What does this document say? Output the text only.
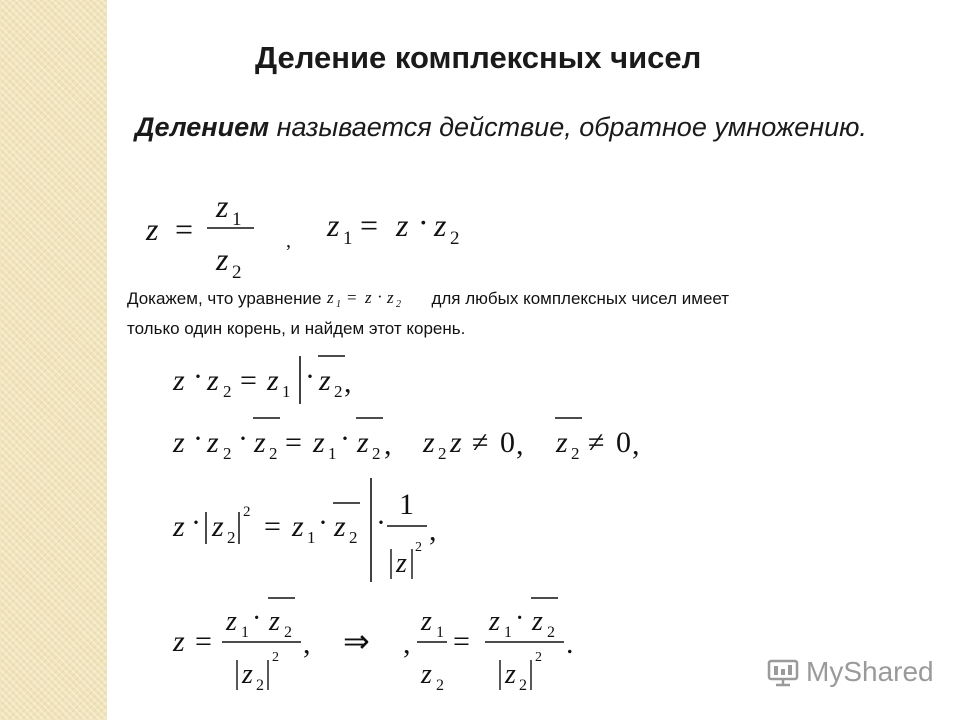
Деление комплексных чисел
Делением называется действие, обратное умножению.
Докажем, что уравнение z 1 = z · z 2 для любых комплексных чисел имеет
только один корень, и найдем этот корень.
z =
z 1
z 2
, z 1 = z · z 2
z · z 2 = z 1 · z 2 ,
z · z 2 · z 2 = z 1 · z 2 , z 2 z ≠ 0 , z 2 ≠ 0 ,
z · z 2
2 = z 1 · z 2 ·
1
z
2
,
z =
z 1 · z 2
z 2
2 , ⇒ ,
z 1
z 2
=
z 1 · z 2
z 2
2 .
MyShared
